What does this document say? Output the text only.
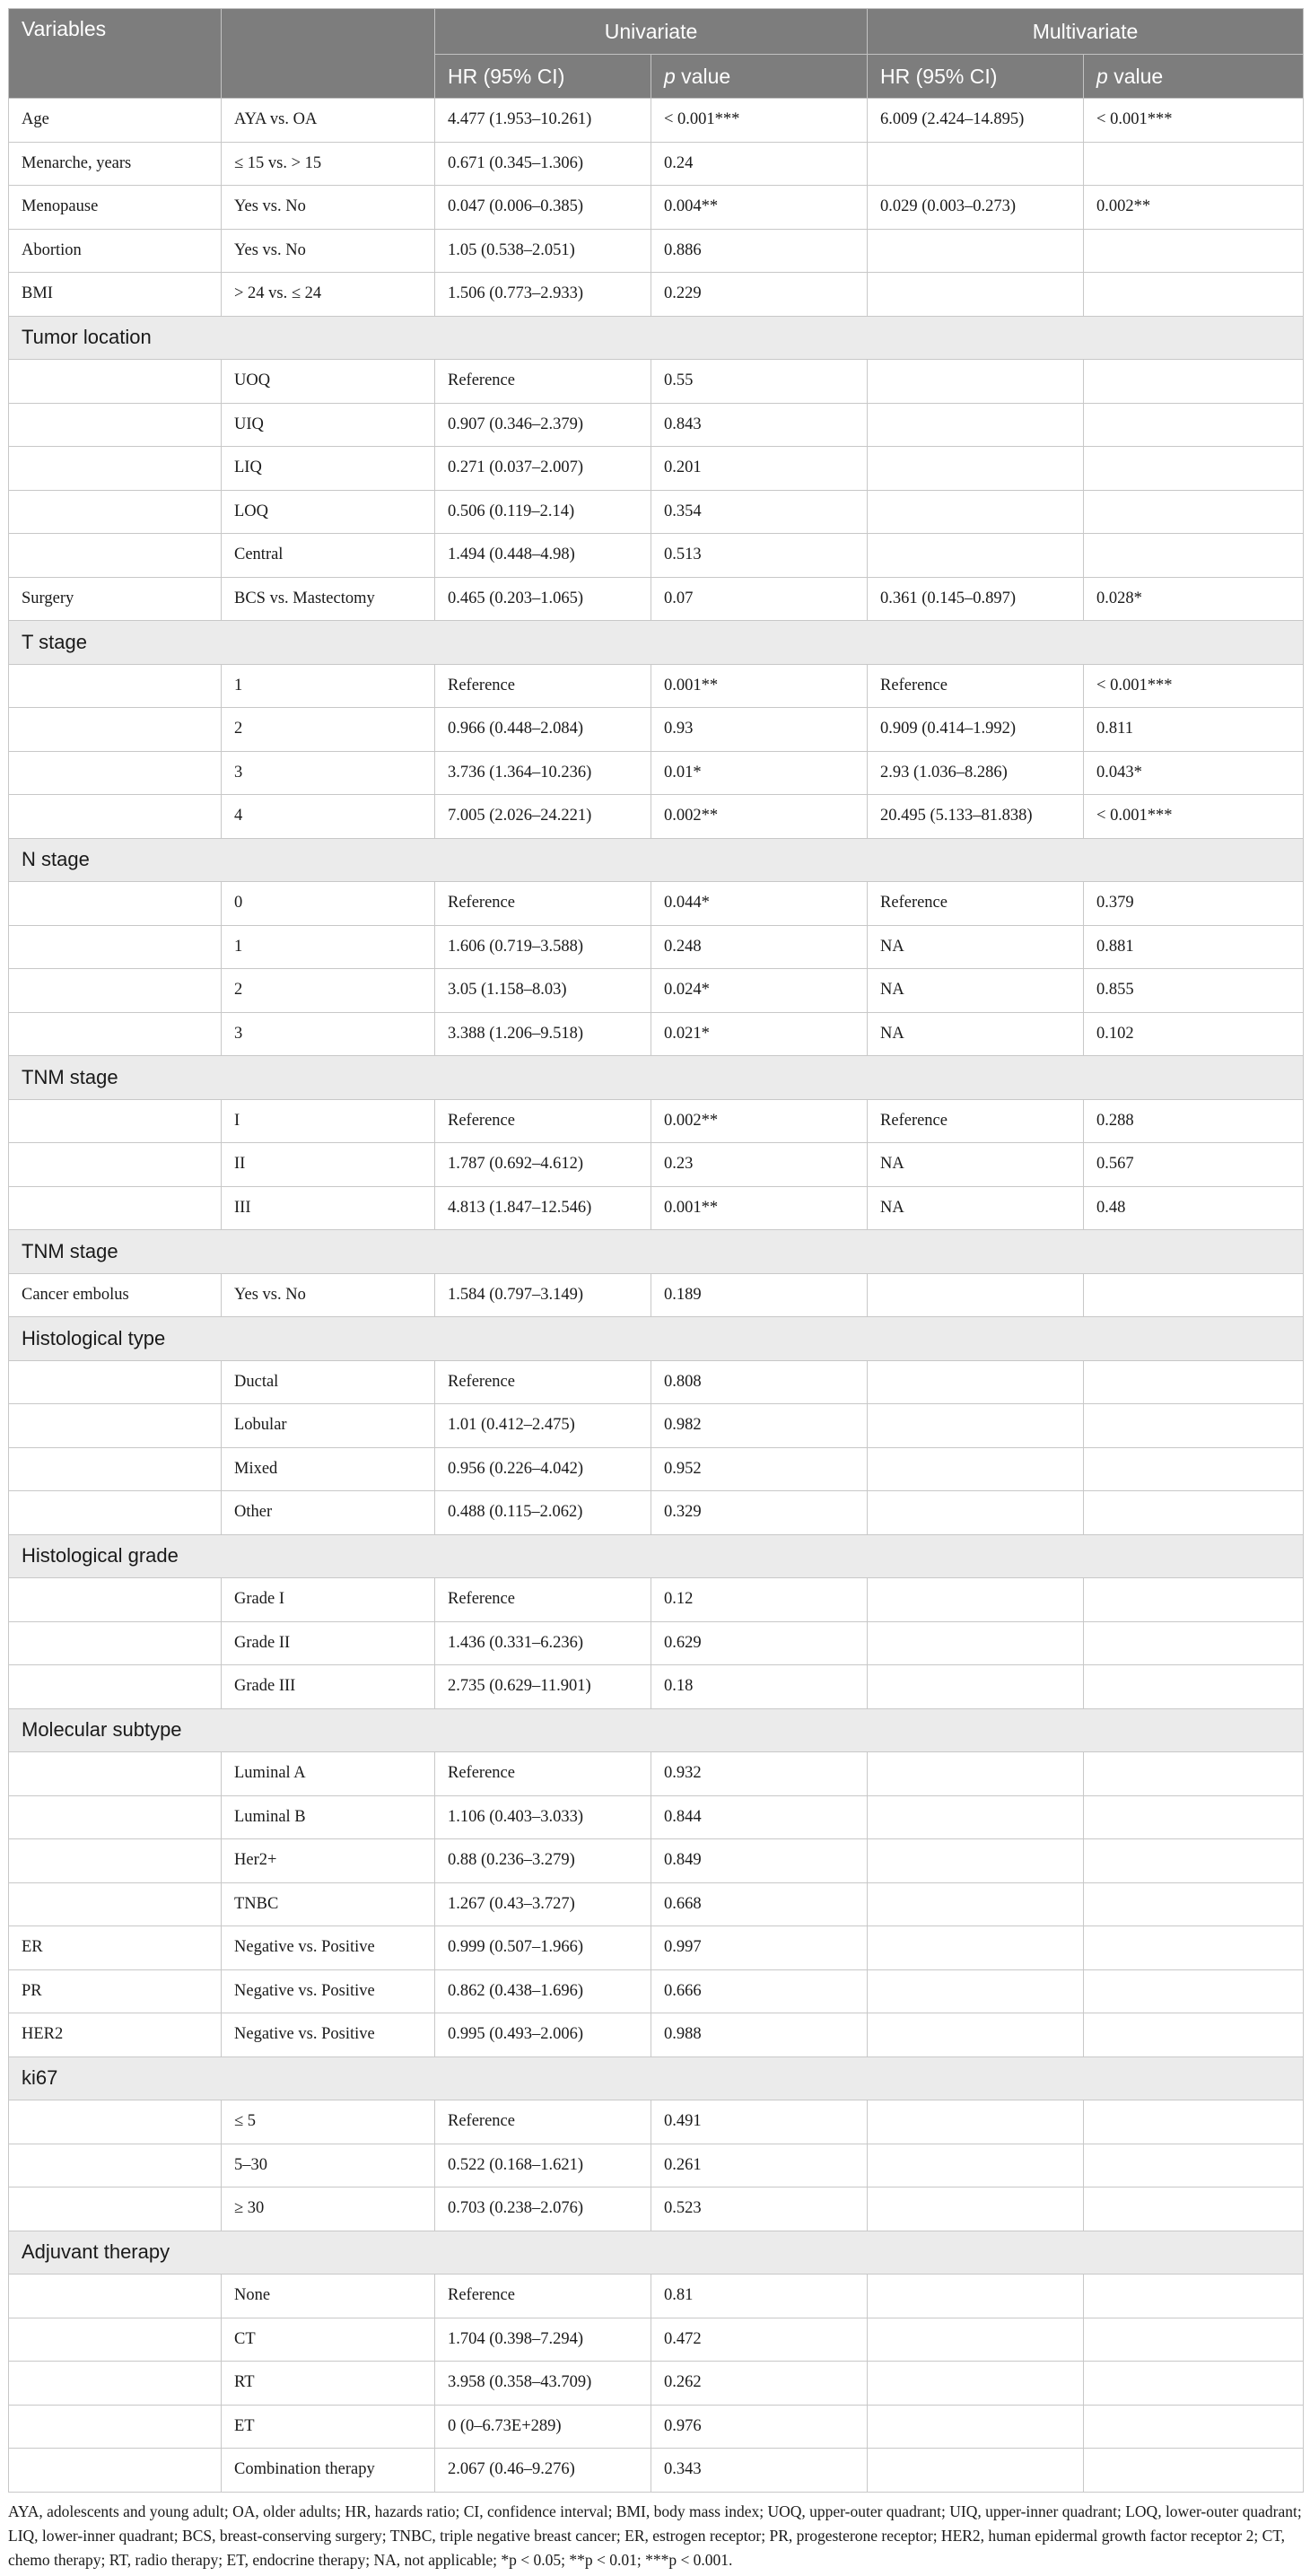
Variables		Univariate		Multivariate	
		HR (95% CI)	p value	HR (95% CI)	p value
Age	AYA vs. OA	4.477 (1.953–10.261)	< 0.001***	6.009 (2.424–14.895)	< 0.001***
Menarche, years	≤ 15 vs. > 15	0.671 (0.345–1.306)	0.24		
Menopause	Yes vs. No	0.047 (0.006–0.385)	0.004**	0.029 (0.003–0.273)	0.002**
Abortion	Yes vs. No	1.05 (0.538–2.051)	0.886		
BMI	> 24 vs. ≤ 24	1.506 (0.773–2.933)	0.229		
Tumor location					
	UOQ	Reference	0.55		
	UIQ	0.907 (0.346–2.379)	0.843		
	LIQ	0.271 (0.037–2.007)	0.201		
	LOQ	0.506 (0.119–2.14)	0.354		
	Central	1.494 (0.448–4.98)	0.513		
Surgery	BCS vs. Mastectomy	0.465 (0.203–1.065)	0.07	0.361 (0.145–0.897)	0.028*
T stage					
	1	Reference	0.001**	Reference	< 0.001***
	2	0.966 (0.448–2.084)	0.93	0.909 (0.414–1.992)	0.811
	3	3.736 (1.364–10.236)	0.01*	2.93 (1.036–8.286)	0.043*
	4	7.005 (2.026–24.221)	0.002**	20.495 (5.133–81.838)	< 0.001***
N stage					
	0	Reference	0.044*	Reference	0.379
	1	1.606 (0.719–3.588)	0.248	NA	0.881
	2	3.05 (1.158–8.03)	0.024*	NA	0.855
	3	3.388 (1.206–9.518)	0.021*	NA	0.102
TNM stage					
	I	Reference	0.002**	Reference	0.288
	II	1.787 (0.692–4.612)	0.23	NA	0.567
	III	4.813 (1.847–12.546)	0.001**	NA	0.48
TNM stage					
Cancer embolus	Yes vs. No	1.584 (0.797–3.149)	0.189		
Histological type					
	Ductal	Reference	0.808		
	Lobular	1.01 (0.412–2.475)	0.982		
	Mixed	0.956 (0.226–4.042)	0.952		
	Other	0.488 (0.115–2.062)	0.329		
Histological grade					
	Grade I	Reference	0.12		
	Grade II	1.436 (0.331–6.236)	0.629		
	Grade III	2.735 (0.629–11.901)	0.18		
Molecular subtype					
	Luminal A	Reference	0.932		
	Luminal B	1.106 (0.403–3.033)	0.844		
	Her2+	0.88 (0.236–3.279)	0.849		
	TNBC	1.267 (0.43–3.727)	0.668		
ER	Negative vs. Positive	0.999 (0.507–1.966)	0.997		
PR	Negative vs. Positive	0.862 (0.438–1.696)	0.666		
HER2	Negative vs. Positive	0.995 (0.493–2.006)	0.988		
ki67					
	≤ 5	Reference	0.491		
	5–30	0.522 (0.168–1.621)	0.261		
	≥ 30	0.703 (0.238–2.076)	0.523		
Adjuvant therapy					
	None	Reference	0.81		
	CT	1.704 (0.398–7.294)	0.472		
	RT	3.958 (0.358–43.709)	0.262		
	ET	0 (0–6.73E+289)	0.976		
	Combination therapy	2.067 (0.46–9.276)	0.343		
AYA, adolescents and young adult; OA, older adults; HR, hazards ratio; CI, confidence interval; BMI, body mass index; UOQ, upper-outer quadrant; UIQ, upper-inner quadrant; LOQ, lower-outer quadrant; LIQ, lower-inner quadrant; BCS, breast-conserving surgery; TNBC, triple negative breast cancer; ER, estrogen receptor; PR, progesterone receptor; HER2, human epidermal growth factor receptor 2; CT, chemo therapy; RT, radio therapy; ET, endocrine therapy; NA, not applicable; *p < 0.05; **p < 0.01; ***p < 0.001.
